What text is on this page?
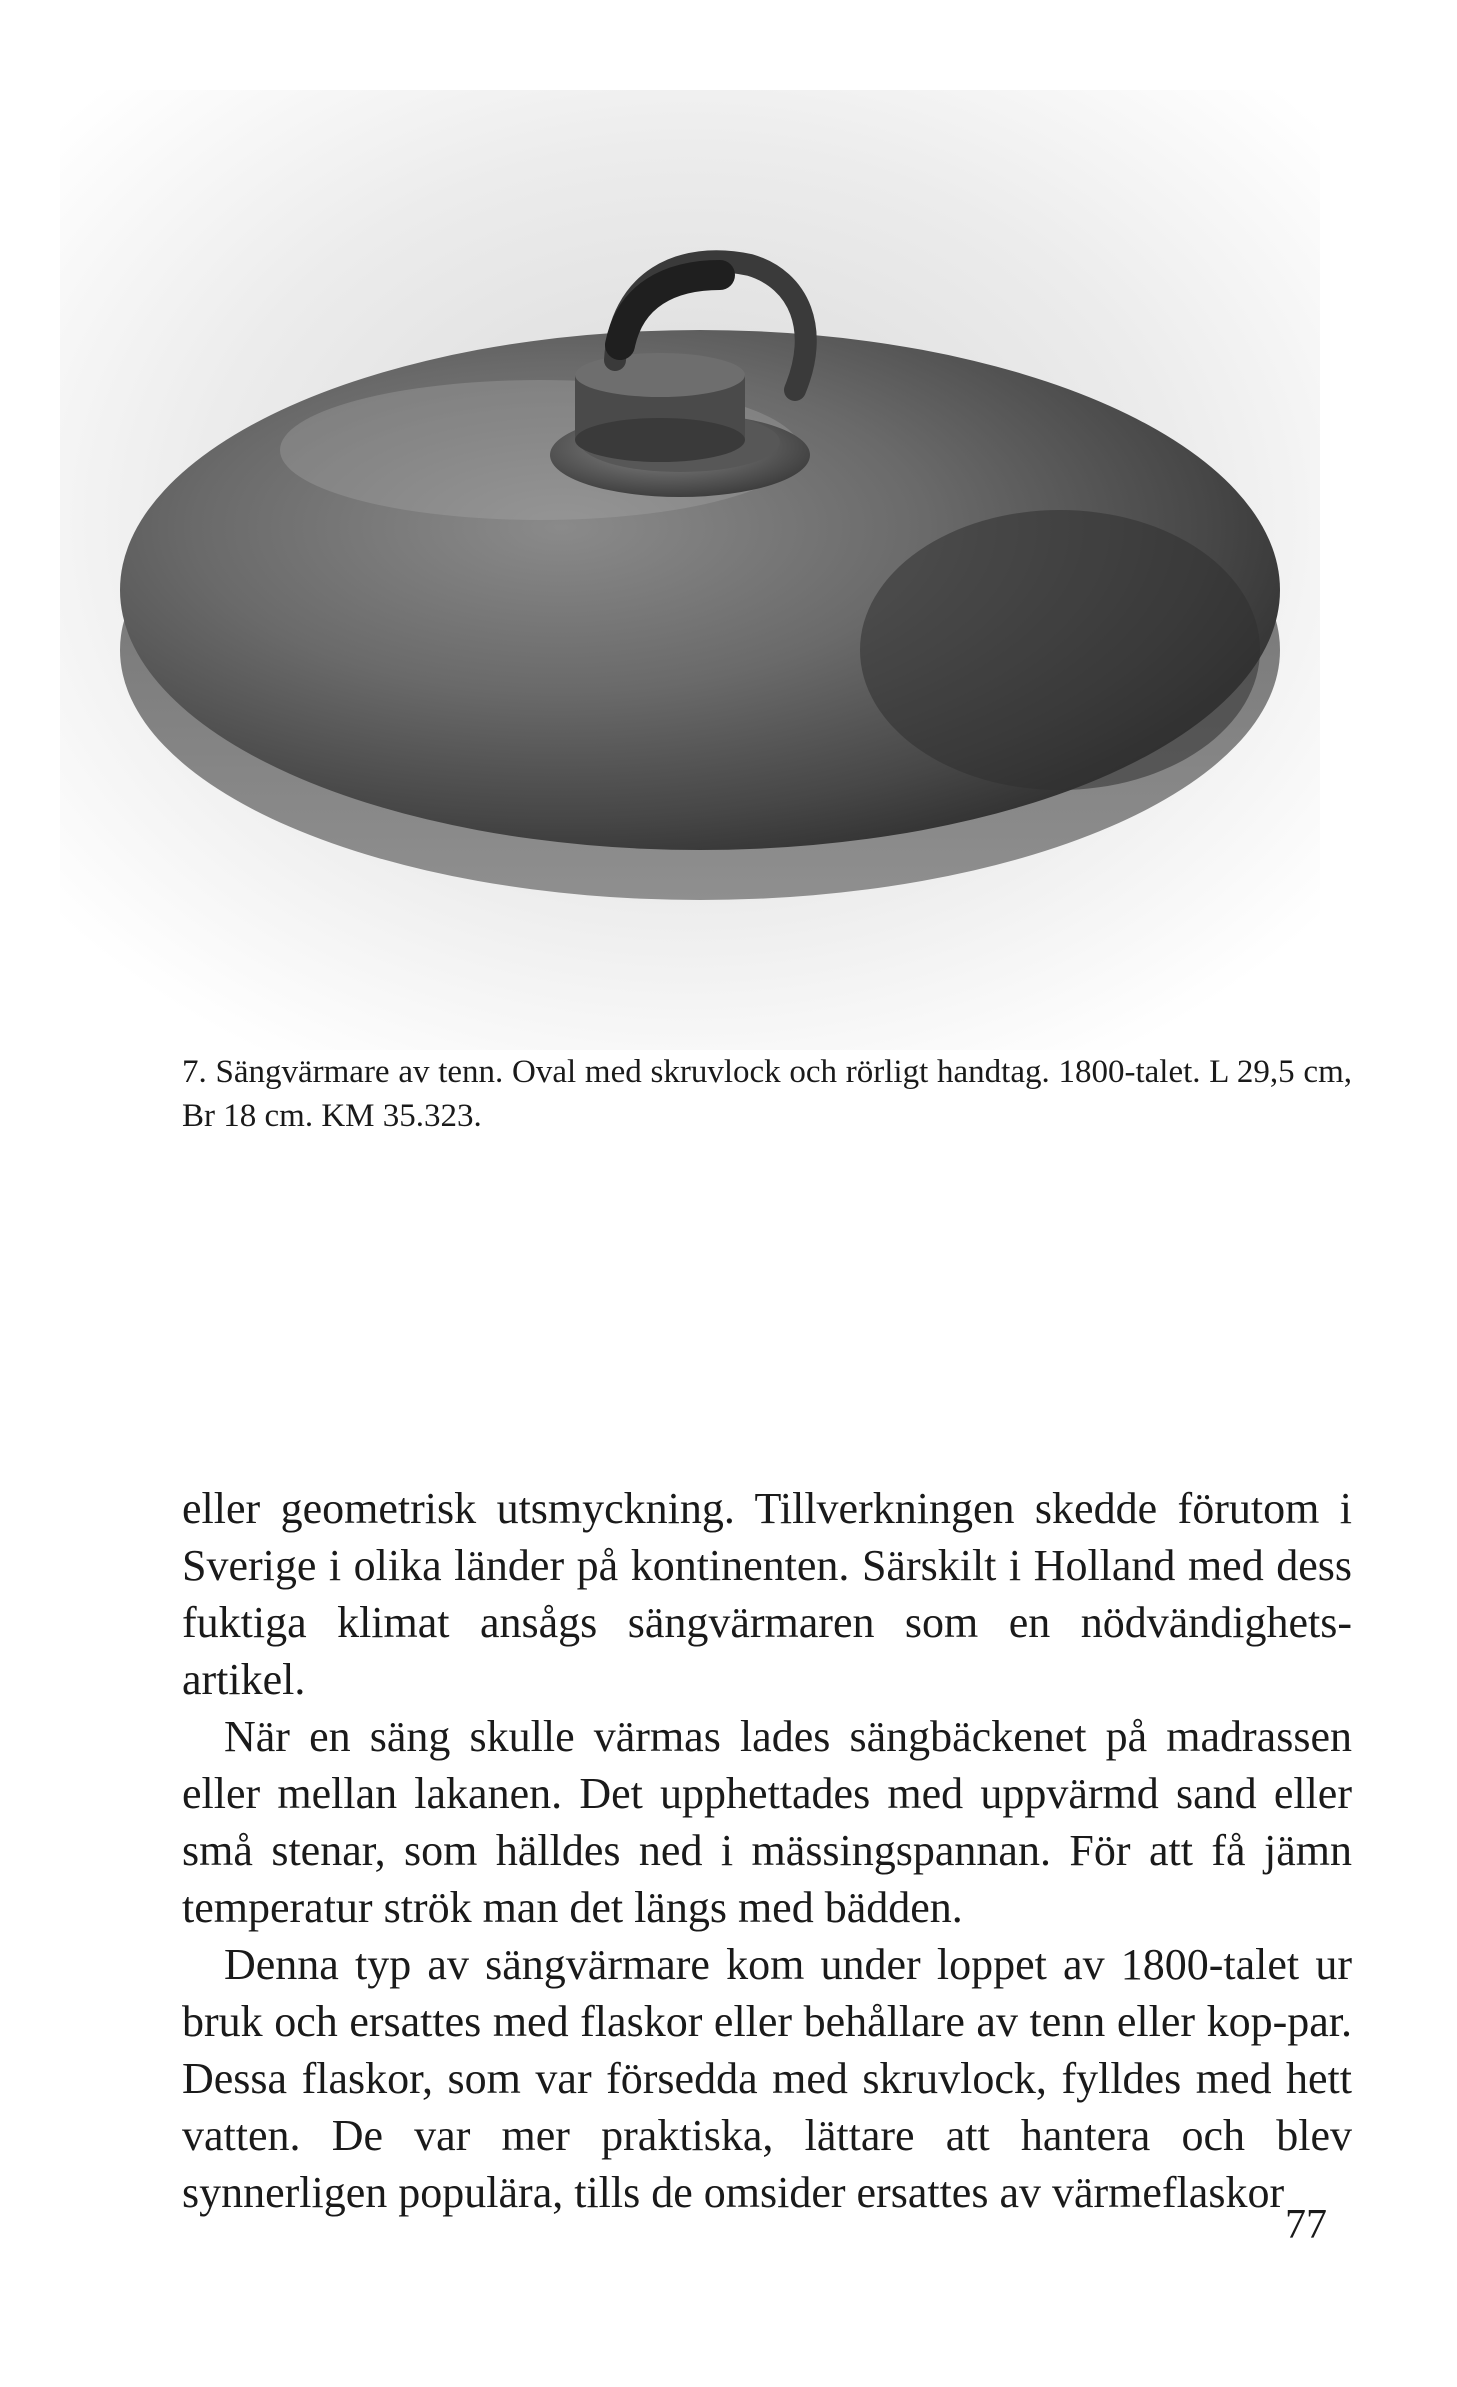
7. Sängvärmare av tenn. Oval med skruvlock och rörligt handtag. 1800-talet. L 29,5 cm, Br 18 cm. KM 35.323.

eller geometrisk utsmyckning. Tillverkningen skedde förutom i Sverige i olika länder på kontinenten. Särskilt i Holland med dess fuktiga klimat ansågs sängvärmaren som en nödvändighets-artikel.

När en säng skulle värmas lades sängbäckenet på madrassen eller mellan lakanen. Det upphettades med uppvärmd sand eller små stenar, som hälldes ned i mässingspannan. För att få jämn temperatur strök man det längs med bädden.

Denna typ av sängvärmare kom under loppet av 1800-talet ur bruk och ersattes med flaskor eller behållare av tenn eller kop-par. Dessa flaskor, som var försedda med skruvlock, fylldes med hett vatten. De var mer praktiska, lättare att hantera och blev synnerligen populära, tills de omsider ersattes av värmeflaskor

77
